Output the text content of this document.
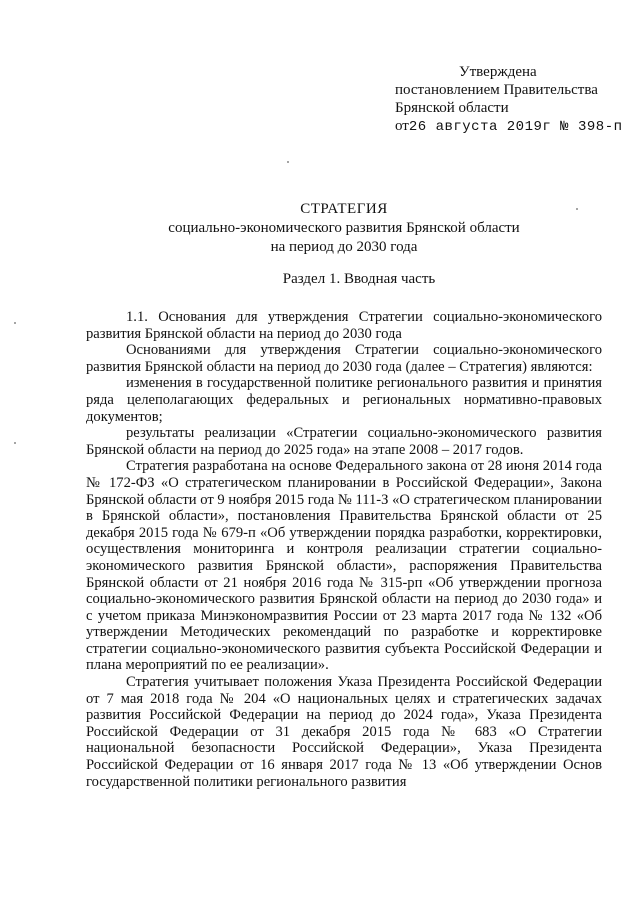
Утверждена
постановлением Правительства
Брянской области
от26 августа 2019г № 398-п
СТРАТЕГИЯ
социально-экономического развития Брянской области
на период до 2030 года
Раздел 1. Вводная часть

1.1. Основания для утверждения Стратегии социально-экономического развития Брянской области на период до 2030 года

Основаниями для утверждения Стратегии социально-экономического развития Брянской области на период до 2030 года (далее – Стратегия) являются:

изменения в государственной политике регионального развития и принятия ряда целеполагающих федеральных и региональных нормативно-правовых документов;

результаты реализации «Стратегии социально-экономического развития Брянской области на период до 2025 года» на этапе 2008 – 2017 годов.

Стратегия разработана на основе Федерального закона от 28 июня 2014 года № 172-ФЗ «О стратегическом планировании в Российской Федерации», Закона Брянской области от 9 ноября 2015 года № 111-З «О стратегическом планировании в Брянской области», постановления Правительства Брянской области от 25 декабря 2015 года № 679-п «Об утверждении порядка разработки, корректировки, осуществления мониторинга и контроля реализации стратегии социально-экономического развития Брянской области», распоряжения Правительства Брянской области от 21 ноября 2016 года № 315-рп «Об утверждении прогноза социально-экономического развития Брянской области на период до 2030 года» и с учетом приказа Минэкономразвития России от 23 марта 2017 года № 132 «Об утверждении Методических рекомендаций по разработке и корректировке стратегии социально-экономического развития субъекта Российской Федерации и плана мероприятий по ее реализации».

Стратегия учитывает положения Указа Президента Российской Федерации от 7 мая 2018 года № 204 «О национальных целях и стратегических задачах развития Российской Федерации на период до 2024 года», Указа Президента Российской Федерации от 31 декабря 2015 года № 683 «О Стратегии национальной безопасности Российской Федерации», Указа Президента Российской Федерации от 16 января 2017 года № 13 «Об утверждении Основ государственной политики регионального развития
